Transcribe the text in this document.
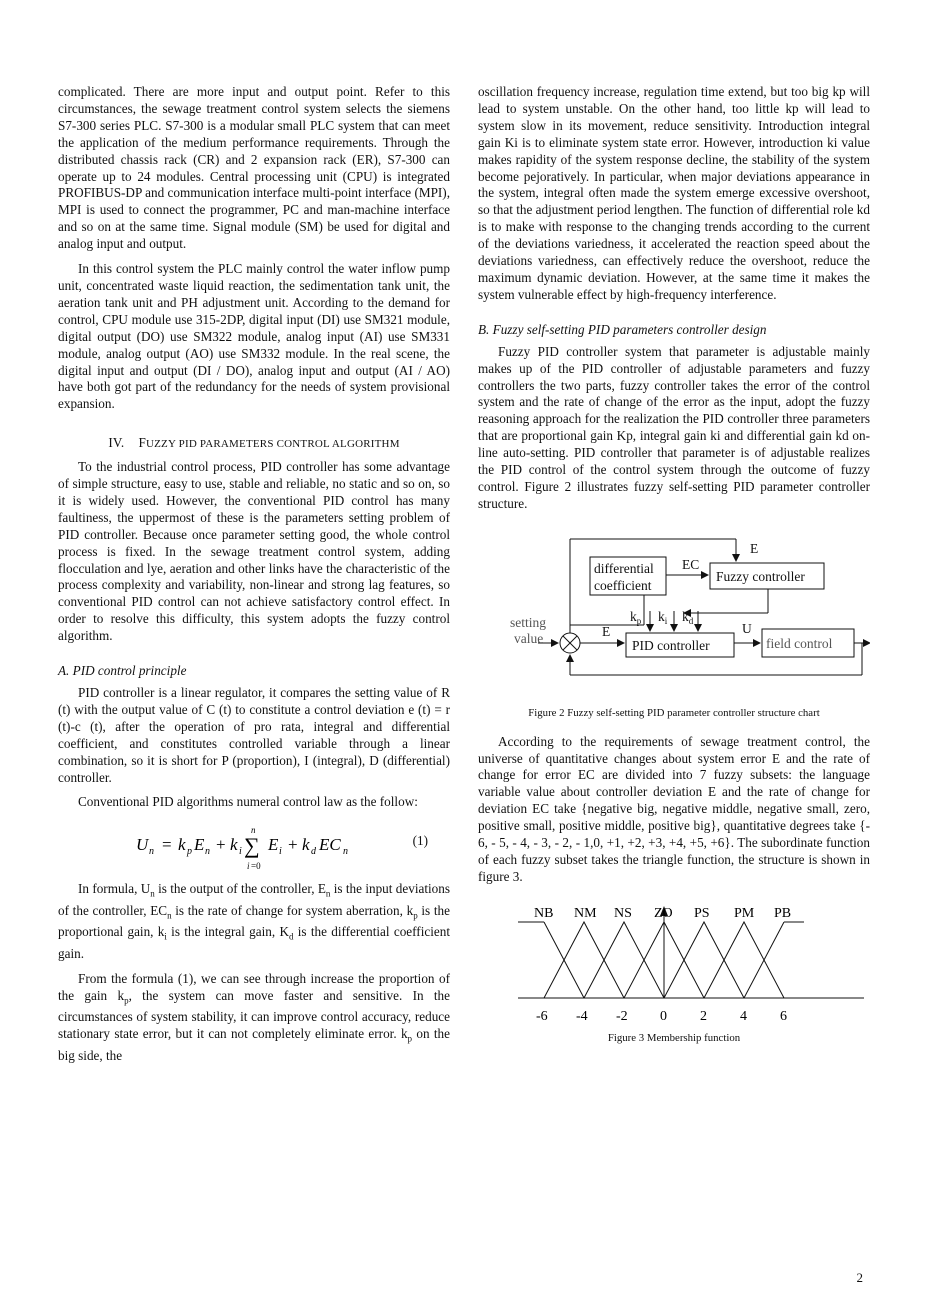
complicated. There are more input and output point. Refer to this circumstances, the sewage treatment control system selects the siemens S7-300 series PLC. S7-300 is a modular small PLC system that can meet the application of the medium performance requirements. Through the distributed chassis rack (CR) and 2 expansion rack (ER), S7-300 can operate up to 24 modules. Central processing unit (CPU) is integrated PROFIBUS-DP and communication interface multi-point interface (MPI), MPI is used to connect the programmer, PC and man-machine interface and so on at the same time. Signal module (SM) be used for digital and analog input and output.

In this control system the PLC mainly control the water inflow pump unit, concentrated waste liquid reaction, the sedimentation tank unit, the aeration tank unit and PH adjustment unit. According to the demand for control, CPU module use 315-2DP, digital input (DI) use SM321 module, digital output (DO) use SM322 module, analog input (AI) use SM331 module, analog output (AO) use SM332 module. In the real scene, the digital input and output (DI / DO), analog input and output (AI / AO) have both got part of the redundancy for the needs of system provisional expansion.

IV. FUZZY PID PARAMETERS CONTROL ALGORITHM

To the industrial control process, PID controller has some advantage of simple structure, easy to use, stable and reliable, no static and so on, so it is widely used. However, the conventional PID control has many faultiness, the uppermost of these is the parameters setting problem of PID controller. Because once parameter setting good, the whole control process is fixed. In the sewage treatment control system, adding flocculation and lye, aeration and other links have the characteristic of the process complexity and variability, non-linear and strong lag features, so conventional PID control can not achieve satisfactory control effect. In order to resolve this difficulty, this system adopts the fuzzy control algorithm.

A. PID control principle

PID controller is a linear regulator, it compares the setting value of R (t) with the output value of C (t) to constitute a control deviation e (t) = r (t)-c (t), after the operation of pro rata, integral and differential coefficient, and constitutes controlled variable through a linear combination, so it is short for P (proportion), I (integral), D (differential) controller.

Conventional PID algorithms numeral control law as the follow:

U n = k p E n + k i ∑
n
i =0
E i + k d EC n
(1)

In formula, $U_n$ is the output of the controller, $E_n$ is the input deviations of the controller, $EC_n$ is the rate of change for system aberration, $k_p$ is the proportional gain, $k_i$ is the integral gain, $K_d$ is the differential coefficient gain.

From the formula (1), we can see through increase the proportion of the gain $k_p$, the system can move faster and sensitive. In the circumstances of system stability, it can improve control accuracy, reduce stationary state error, but it can not completely eliminate error. $k_p$ on the big side, the

oscillation frequency increase, regulation time extend, but too big kp will lead to system unstable. On the other hand, too little kp will lead to system slow in its movement, reduce sensitivity. Introduction integral gain Ki is to eliminate system state error. However, introduction ki value makes rapidity of the system response decline, the stability of the system become pejoratively. In particular, when major deviations appearance in the system, integral often made the system emerge excessive overshoot, so that the adjustment period lengthen. The function of differential role kd is to make with response to the changing trends according to the current of the deviations variedness, it accelerated the reaction speed about the deviations variedness, can effectively reduce the overshoot, reduce the maximum dynamic deviation. However, at the same time it makes the system vulnerable effect by high-frequency interference.

B. Fuzzy self-setting PID parameters controller design

Fuzzy PID controller system that parameter is adjustable mainly makes up of the PID controller of adjustable parameters and fuzzy controllers the two parts, fuzzy controller takes the error of the control system and the rate of change of the error as the input, adopt the fuzzy reasoning approach for the realization the PID controller three parameters that are proportional gain Kp, integral gain ki and differential gain kd on-line auto-setting. PID controller that parameter is of adjustable realizes the PID control of the control system through the outcome of fuzzy control. Figure 2 illustrates fuzzy self-setting PID parameter controller structure.

differential
coefficient
EC
E
Fuzzy controller
setting
value	E
$k_p$ $k_i$ $k_d$	U
PID controller	field control
Figure 2 Fuzzy self-setting PID parameter controller structure chart

According to the requirements of sewage treatment control, the universe of quantitative changes about system error E and the rate of change for error EC are divided into 7 fuzzy subsets: the language variable value about controller deviation E and the rate of change for deviation EC take {negative big, negative middle, negative small, zero, positive small, positive middle, positive big}, quantitative degrees take {- 6, - 5, - 4, - 3, - 2, - 1,0, +1, +2, +3, +4, +5, +6}. The subordinate function of each fuzzy subset takes the triangle function, the structure is shown in figure 3.

NB NM NS ZO PS PM PB
-6 -4 -2 0 2 4 6
Figure 3 Membership function
2
